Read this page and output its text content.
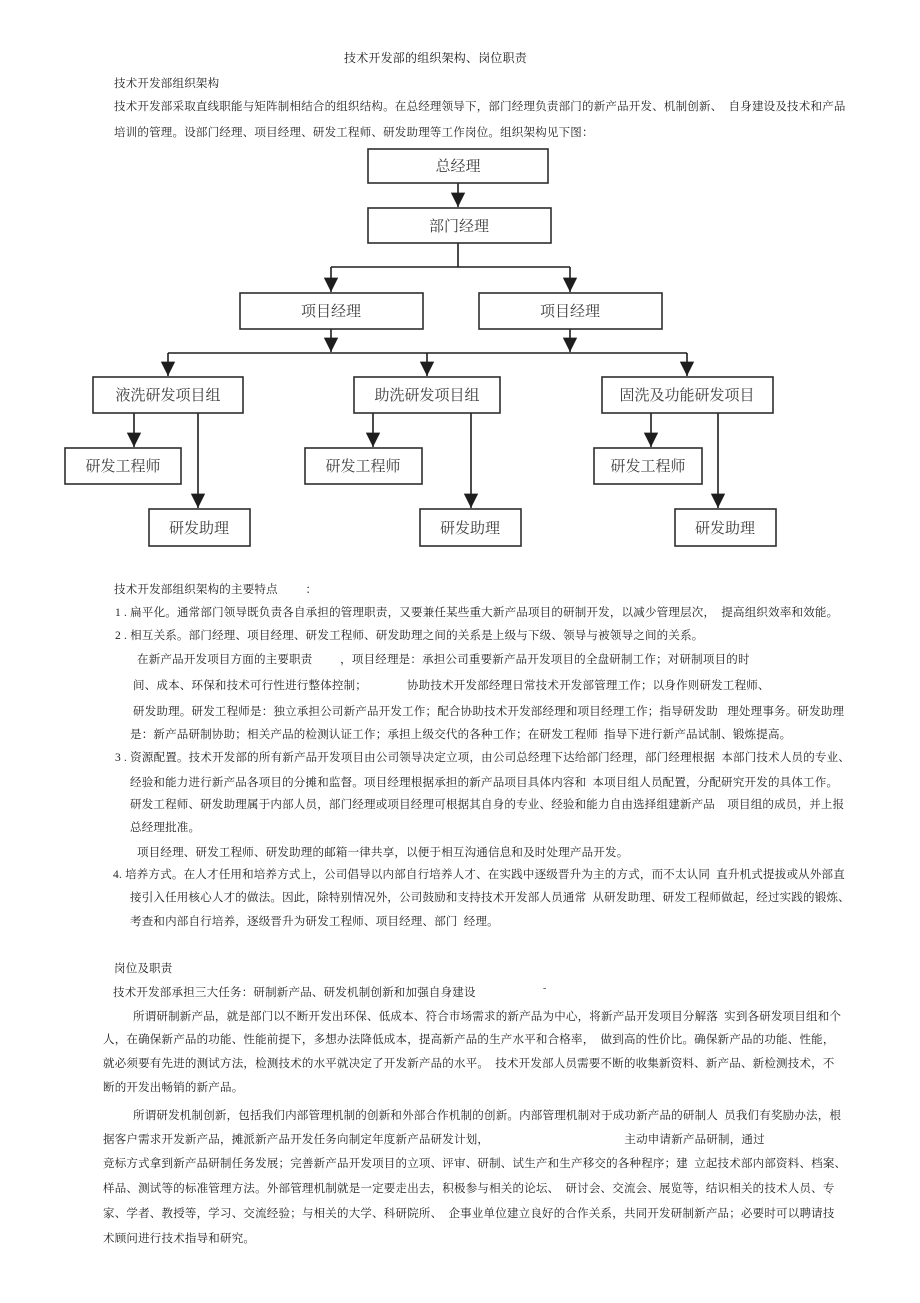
技术开发部的组织架构、岗位职责
技术开发部组织架构
技术开发部采取直线职能与矩阵制相结合的组织结构。在总经理领导下，部门经理负责部门的新产品开发、机制创新、  自身建设及技术和产品
培训的管理。设部门经理、项目经理、研发工程师、研发助理等工作岗位。组织架构见下图：
总经理
部门经理
项目经理	项目经理
液洗研发项目组	助洗研发项目组	固洗及功能研发项目
研发工程师	研发工程师	研发工程师
研发助理	研发助理	研发助理
技术开发部组织架构的主要特点         ：
1 . 扁平化。通常部门领导既负责各自承担的管理职责，又要兼任某些重大新产品项目的研制开发，以减少管理层次，  提高组织效率和效能。
2 . 相互关系。部门经理、项目经理、研发工程师、研发助理之间的关系是上级与下级、领导与被领导之间的关系。
在新产品开发项目方面的主要职责         ，项目经理是：承担公司重要新产品开发项目的全盘研制工作；对研制项目的时
间、成本、环保和技术可行性进行整体控制；             协助技术开发部经理日常技术开发部管理工作；以身作则研发工程师、
研发助理。研发工程师是：独立承担公司新产品开发工作；配合协助技术开发部经理和项目经理工作；指导研发助   理处理事务。研发助理
是：新产品研制协助；相关产品的检测认证工作；承担上级交代的各种工作；在研发工程师  指导下进行新产品试制、锻炼提高。
3 . 资源配置。技术开发部的所有新产品开发项目由公司领导决定立项，由公司总经理下达给部门经理，部门经理根据  本部门技术人员的专业、
经验和能力进行新产品各项目的分摊和监督。项目经理根据承担的新产品项目具体内容和  本项目组人员配置，分配研究开发的具体工作。
研发工程师、研发助理属于内部人员，部门经理或项目经理可根据其自身的专业、经验和能力自由选择组建新产品    项目组的成员，并上报
总经理批准。
项目经理、研发工程师、研发助理的邮箱一律共享，以便于相互沟通信息和及时处理产品开发。
4. 培养方式。在人才任用和培养方式上，公司倡导以内部自行培养人才、在实践中逐级晋升为主的方式，而不太认同  直升机式提拔或从外部直
接引入任用核心人才的做法。因此，除特别情况外，公司鼓励和支持技术开发部人员通常  从研发助理、研发工程师做起，经过实践的锻炼、
考查和内部自行培养，逐级晋升为研发工程师、项目经理、部门  经理。
岗位及职责
技术开发部承担三大任务：研制新产品、研发机制创新和加强自身建设	-
所谓研制新产品，就是部门以不断开发出环保、低成本、符合市场需求的新产品为中心，将新产品开发项目分解落  实到各研发项目组和个
人，在确保新产品的功能、性能前提下，多想办法降低成本，提高新产品的生产水平和合格率，  做到高的性价比。确保新产品的功能、性能，
就必须要有先进的测试方法，检测技术的水平就决定了开发新产品的水平。  技术开发部人员需要不断的收集新资料、新产品、新检测技术，不
断的开发出畅销的新产品。
所谓研发机制创新，包括我们内部管理机制的创新和外部合作机制的创新。内部管理机制对于成功新产品的研制人  员我们有奖励办法，根
据客户需求开发新产品，摊派新产品开发任务向制定年度新产品研发计划，                                            主动申请新产品研制，通过
竞标方式拿到新产品研制任务发展；完善新产品开发项目的立项、评审、研制、试生产和生产移交的各种程序；建  立起技术部内部资料、档案、
样品、测试等的标准管理方法。外部管理机制就是一定要走出去，积极参与相关的论坛、  研讨会、交流会、展览等，结识相关的技术人员、专
家、学者、教授等，学习、交流经验；与相关的大学、科研院所、  企事业单位建立良好的合作关系，共同开发研制新产品；必要时可以聘请技
术顾问进行技术指导和研究。
